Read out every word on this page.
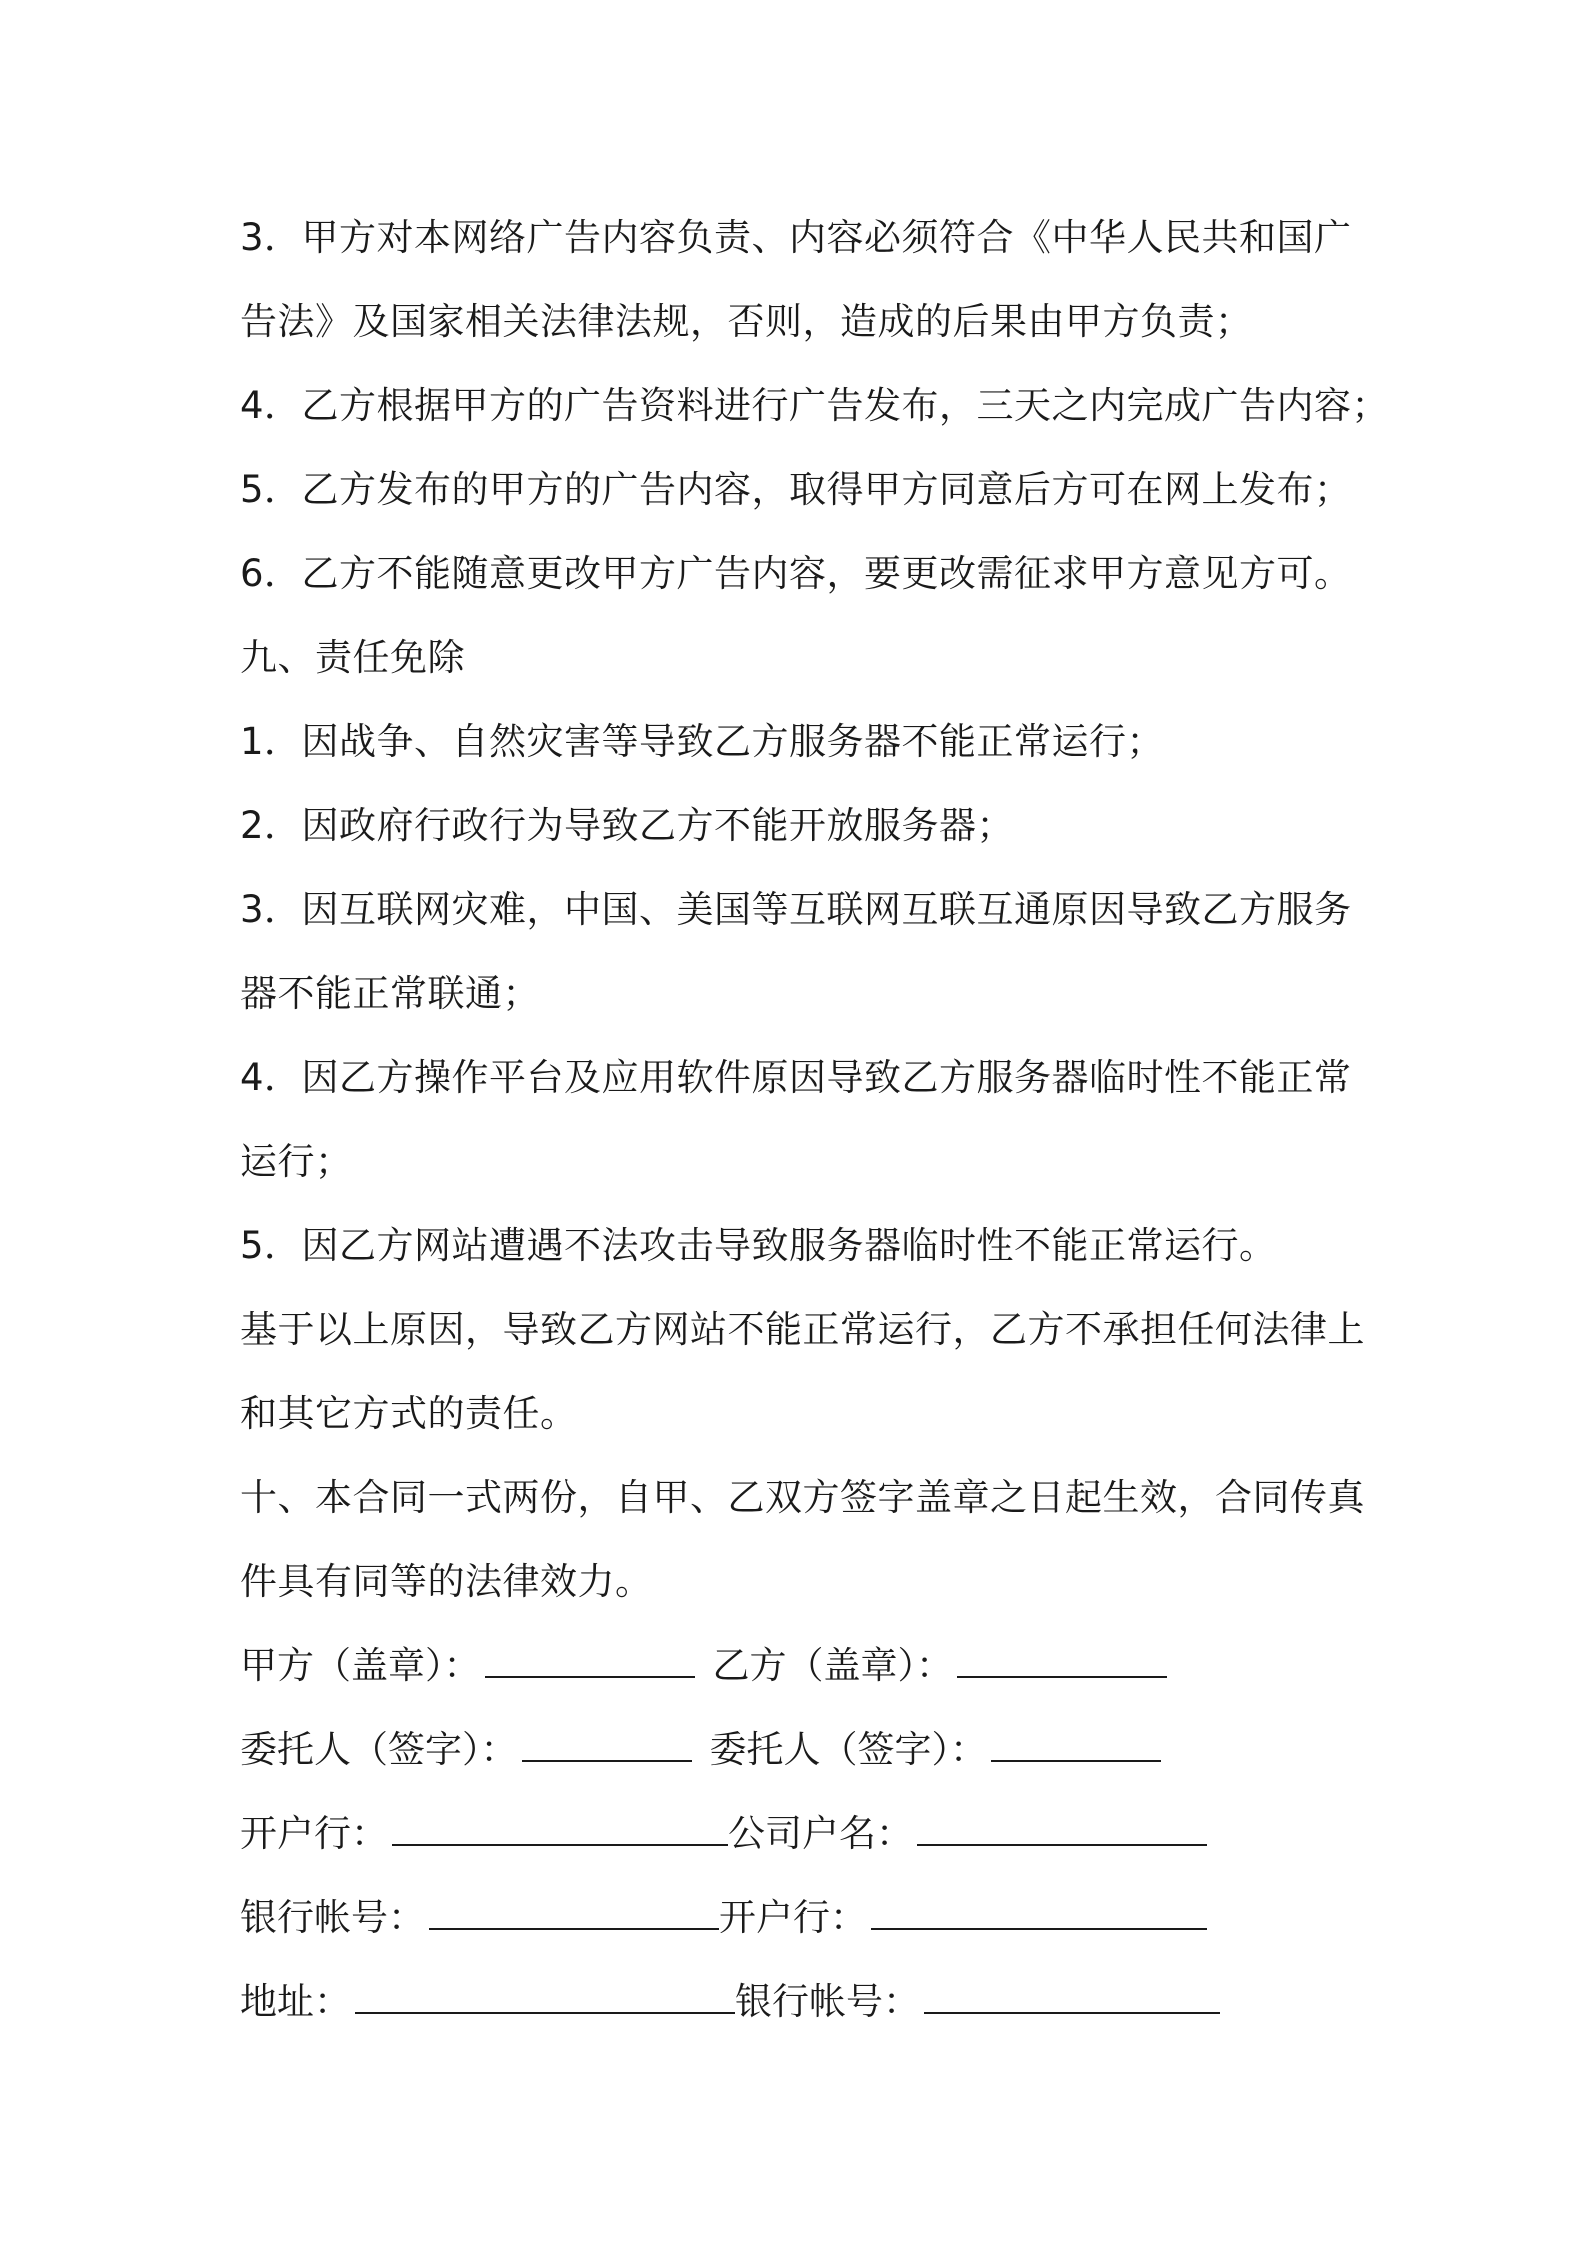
3．甲方对本网络广告内容负责、内容必须符合《中华人民共和国广
告法》及国家相关法律法规，否则，造成的后果由甲方负责；
4．乙方根据甲方的广告资料进行广告发布，三天之内完成广告内容；
5．乙方发布的甲方的广告内容，取得甲方同意后方可在网上发布；
6．乙方不能随意更改甲方广告内容，要更改需征求甲方意见方可。
九、责任免除
1．因战争、自然灾害等导致乙方服务器不能正常运行；
2．因政府行政行为导致乙方不能开放服务器；
3．因互联网灾难，中国、美国等互联网互联互通原因导致乙方服务
器不能正常联通；
4．因乙方操作平台及应用软件原因导致乙方服务器临时性不能正常
运行；
5．因乙方网站遭遇不法攻击导致服务器临时性不能正常运行。
基于以上原因，导致乙方网站不能正常运行，乙方不承担任何法律上
和其它方式的责任。
十、本合同一式两份，自甲、乙双方签字盖章之日起生效，合同传真
件具有同等的法律效力。
甲方（盖章）：	乙方（盖章）：
委托人（签字）：	委托人（签字）：
开户行：	公司户名：
银行帐号：	开户行：
地址：	银行帐号：
